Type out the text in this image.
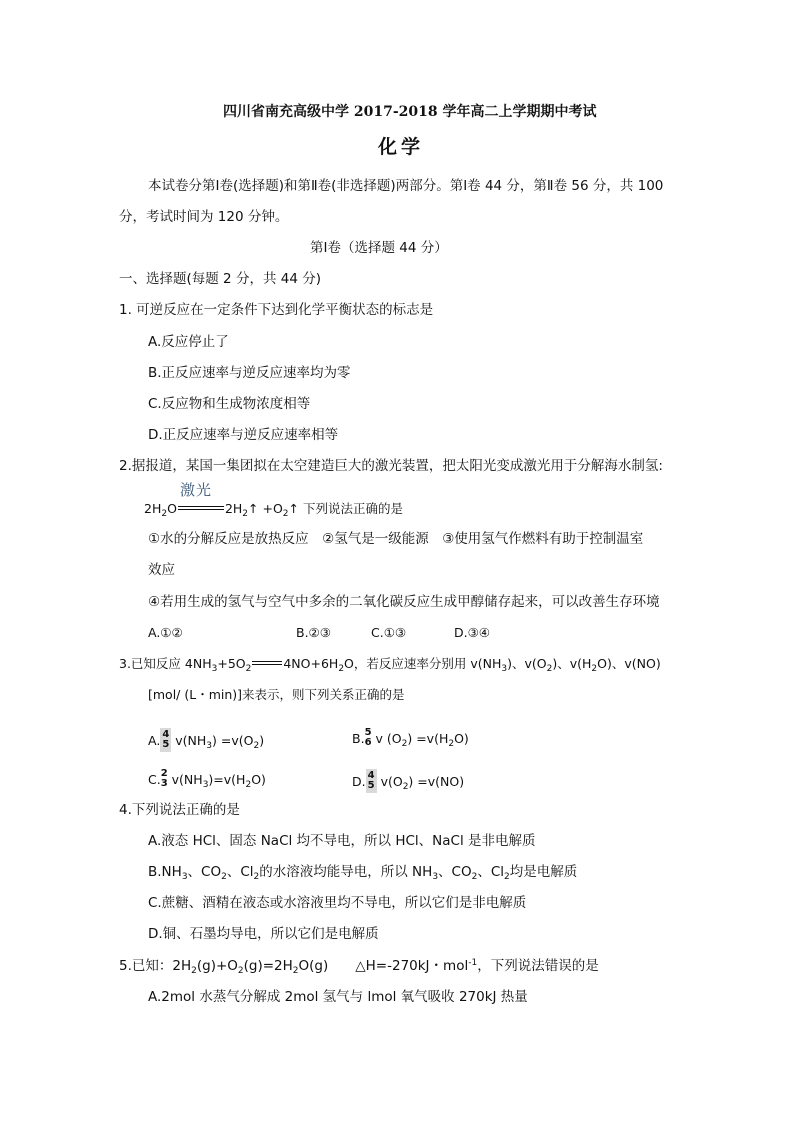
四川省南充高级中学 2017-2018 学年高二上学期期中考试
化学
本试卷分第Ⅰ卷(选择题)和第Ⅱ卷(非选择题)两部分。第Ⅰ卷 44 分，第Ⅱ卷 56 分，共 100
分，考试时间为 120 分钟。
第Ⅰ卷（选择题 44 分）
一、选择题(每题 2 分，共 44 分)
1. 可逆反应在一定条件下达到化学平衡状态的标志是
A.反应停止了
B.正反应速率与逆反应速率均为零
C.反应物和生成物浓度相等
D.正反应速率与逆反应速率相等
2.据报道，某国一集团拟在太空建造巨大的激光装置，把太阳光变成激光用于分解海水制氢:
$2H_2O$
激光
$2H_2↑$ $+O_2↑$ 下列说法正确的是
①水的分解反应是放热反应　②氢气是一级能源　③使用氢气作燃料有助于控制温室
效应
④若用生成的氢气与空气中多余的二氧化碳反应生成甲醇储存起来，可以改善生存环境
A.①②	B.②③	C.①③	D.③④
3.已知反应 $4NH_3+5O_2$	$4NO+6H_2O$，若反应速率分别用 $v(NH_3)$、$v(O_2)$、$v(H_2O)$、v(NO)
[mol/ (L・min)]来表示，则下列关系正确的是
A. 4
5 $v(NH_3) =v(O_2)$	B. 5
6 v $(O_2) =v(H_2O)$
C. 2
3 $v(NH_3)=v(H_2O)$	D. 4
5 $v(O_2) =v(NO)$
4.下列说法正确的是
A.液态 HCl、固态 NaCl 均不导电，所以 HCl、NaCl 是非电解质
$B.NH_3$、$CO_2$、$Cl_2$的水溶液均能导电，所以 $NH_3$、$CO_2$、$Cl_2$均是电解质
C.蔗糖、酒精在液态或水溶液里均不导电，所以它们是非电解质
D.铜、石墨均导电，所以它们是电解质
5.已知：$2H_2(g)+O_2(g)=2H_2O(g)$　　△H=-270kJ・mol$^{-1}$，下列说法错误的是
A.2mol 水蒸气分解成 2mol 氢气与 lmol 氧气吸收 270kJ 热量
